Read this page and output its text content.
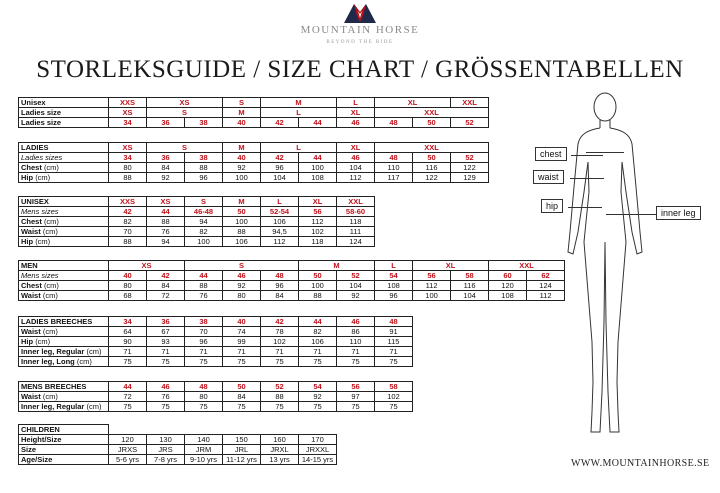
MOUNTAIN HORSE
BEYOND THE RIDE
STORLEKSGUIDE / SIZE CHART / GRÖSSENTABELLEN
Unisex	XXS	XS		S	M		L	XL		XXL
Ladies size	XS	S		M	L		XL	XXL		
Ladies size	34	36	38	40	42	44	46	48	50	52
LADIES	XS	S		M	L		XL	XXL		
Ladies sizes	34	36	38	40	42	44	46	48	50	52
Chest (cm)	80	84	88	92	96	100	104	110	116	122
Hip (cm)	88	92	96	100	104	108	112	117	122	129
UNISEX	XXS	XS	S	M	L	XL	XXL
Mens sizes	42	44	46-48	50	52-54	56	58-60
Chest (cm)	82	88	94	100	106	112	118
Waist (cm)	70	76	82	88	94,5	102	111
Hip (cm)	88	94	100	106	112	118	124
MEN	XS		S			M		L	XL		XXL	
Mens sizes	40	42	44	46	48	50	52	54	56	58	60	62
Chest (cm)	80	84	88	92	96	100	104	108	112	116	120	124
Waist (cm)	68	72	76	80	84	88	92	96	100	104	108	112
LADIES BREECHES	34	36	38	40	42	44	46	48
Waist (cm)	64	67	70	74	78	82	86	91
Hip (cm)	90	93	96	99	102	106	110	115
Inner leg, Regular (cm)	71	71	71	71	71	71	71	71
Inner leg, Long (cm)	75	75	75	75	75	75	75	75
MENS BREECHES	44	46	48	50	52	54	56	58
Waist (cm)	72	76	80	84	88	92	97	102
Inner leg, Regular (cm)	75	75	75	75	75	75	75	75
CHILDREN						
Height/Size	120	130	140	150	160	170
Size	JRXS	JRS	JRM	JRL	JRXL	JRXXL
Age/Size	5-6 yrs	7-8 yrs	9-10 yrs	11-12 yrs	13 yrs	14-15 yrs
chest
waist
hip
inner leg
WWW.MOUNTAINHORSE.SE
